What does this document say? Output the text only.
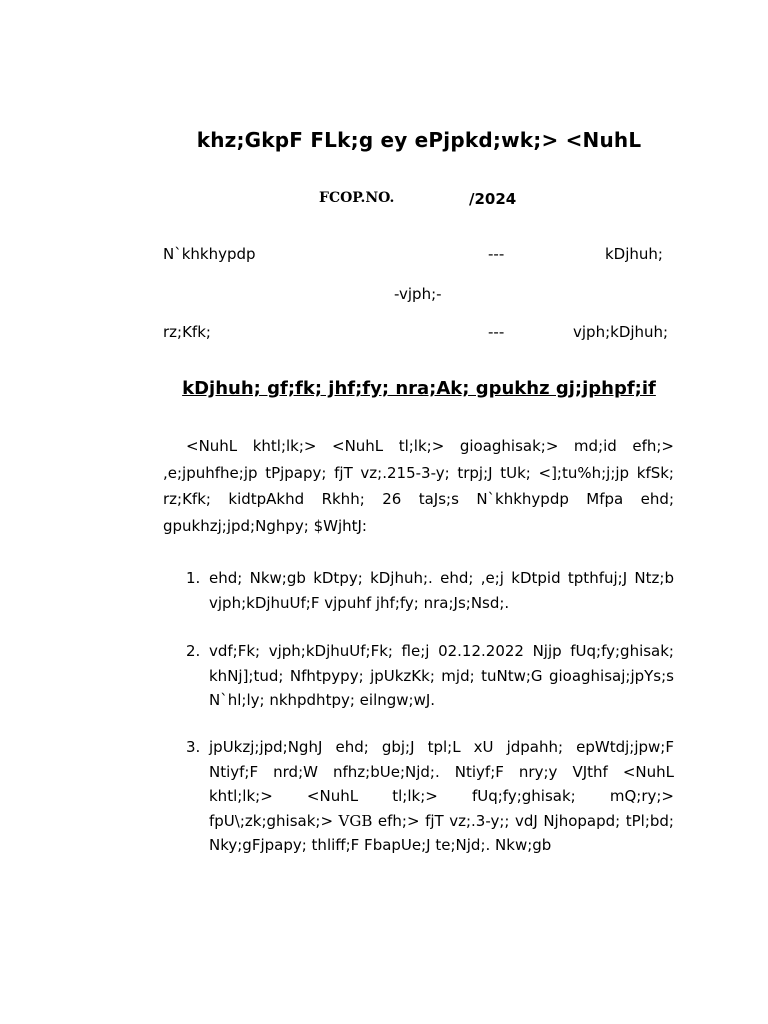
khz;GkpF FLk;g ey ePjpkd;wk;> <NuhL
FCOP.NO.	/2024
N`khkhypdp	---	kDjhuh;
-vjph;-
rz;Kfk;	---	vjph;kDjhuh;
kDjhuh; gf;fk; jhf;fy; nra;Ak; gpukhz gj;jphpf;if
<NuhL khtl;lk;> <NuhL tl;lk;> gioaghisak;> md;id efh;> ,e;jpuhfhe;jp tPjpapy; fjT vz;.215-3-y; trpj;J tUk; <];tu%h;j;jp kfSk; rz;Kfk; kidtpAkhd Rkhh; 26 taJs;s N`khkhypdp Mfpa ehd; gpukhzj;jpd;Nghpy; $WjhtJ:
1. ehd; Nkw;gb kDtpy; kDjhuh;. ehd; ,e;j kDtpid tpthfuj;J Ntz;b vjph;kDjhuUf;F vjpuhf jhf;fy; nra;Js;Nsd;.
2. vdf;Fk; vjph;kDjhuUf;Fk; fle;j 02.12.2022 Njjp fUq;fy;ghisak; khNj];tud; Nfhtpypy; jpUkzKk; mjd; tuNtw;G gioaghisaj;jpYs;s N`hl;ly; nkhpdhtpy; eilngw;wJ.
3. jpUkzj;jpd;NghJ ehd; gbj;J tpl;L xU jdpahh; epWtdj;jpw;F Ntiyf;F nrd;W nfhz;bUe;Njd;. Ntiyf;F nry;y VJthf <NuhL khtl;lk;> <NuhL tl;lk;> fUq;fy;ghisak; mQ;ry;> fpU\;zk;ghisak;> VGB efh;> fjT vz;.3-y;; vdJ Njhopapd; tPl;bd; Nky;gFjpapy; thliff;F FbapUe;J te;Njd;. Nkw;gb
